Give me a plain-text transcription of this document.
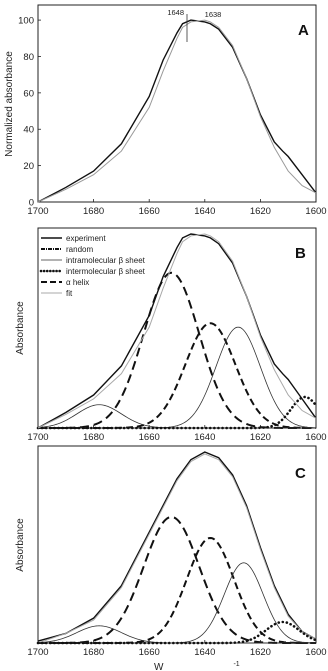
0
20
40
60
80
100
1700	1680	1660	1640	1620	1600
Normalized absorbance
A
1648	1638
1700	1680	1660	1640	1620	1600
Absorbance
B
experiment
random
intramolecular β sheet
intermolecular β sheet
α helix
fit
1700	1680	1660	1640	1620	1600
Absorbance
C
W	$^{-1}$
